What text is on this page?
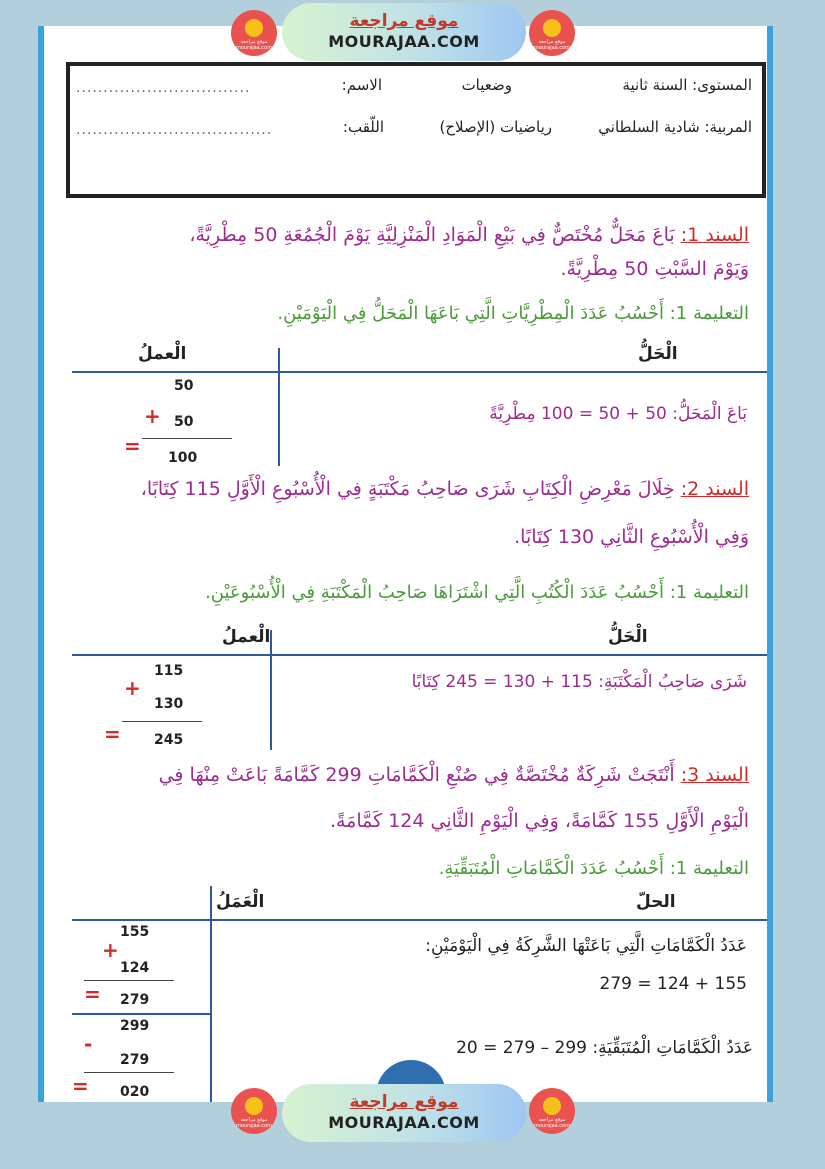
موقع مراجعة mourajaa.com
موقع مراجعة
MOURAJAA.COM	موقع مراجعة mourajaa.com
المستوى: السنة ثانية
وضعيات
الاسم:
................................
المربية: شادية السلطاني
رياضيات (الإصلاح)
اللّقب:
....................................
السند 1: بَاعَ مَحَلٌّ مُخْتَصٌّ فِي بَيْعِ الْمَوَادِ الْمَنْزِلِيَّةِ يَوْمَ الْجُمُعَةِ 50 مِطْرِيَّةً،
وَيَوْمَ السَّبْتِ 50 مِطْرِيَّةً.
التعليمة 1: أَحْسُبُ عَدَدَ الْمِطْرِيَّاتِ الَّتِي بَاعَهَا الْمَحَلُّ فِي الْيَوْمَيْنِ.
الْحَلُّ
الْعملُ
50
+ 50
= 100
بَاعَ الْمَحَلُّ: 50 + 50 = 100 مِطْرِيَّةً
السند 2: خِلَالَ مَعْرِضِ الْكِتَابِ شَرَى صَاحِبُ مَكْتَبَةٍ فِي الْأُسْبُوعِ الْأَوَّلِ 115 كِتَابًا،
وَفِي الْأُسْبُوعِ الثَّانِي 130 كِتَابًا.
التعليمة 1: أَحْسُبُ عَدَدَ الْكُتُبِ الَّتِي اشْتَرَاهَا صَاحِبُ الْمَكْتَبَةِ فِي الْأُسْبُوعَيْنِ.
الْحَلُّ
الْعملُ
115
+
130
= 245
شَرَى صَاحِبُ الْمَكْتَبَةِ: 115 + 130 = 245 كِتَابًا
السند 3: أَنْتَجَتْ شَرِكَةٌ مُخْتَصَّةٌ فِي صُنْعِ الْكَمَّامَاتِ 299 كَمَّامَةً بَاعَتْ مِنْهَا فِي
الْيَوْمِ الْأَوَّلِ 155 كَمَّامَةً، وَفِي الْيَوْمِ الثَّانِي 124 كَمَّامَةً.
التعليمة 1: أَحْسُبُ عَدَدَ الْكَمَّامَاتِ الْمُتَبَقِّيَةِ.
الحلّ
الْعَمَلُ
155
+
124
= 279
299
-
279
= 020
عَدَدُ الْكَمَّامَاتِ الَّتِي بَاعَتْهَا الشَّرِكَةُ فِي الْيَوْمَيْنِ:
279 = 124 + 155
عَدَدُ الْكَمَّامَاتِ الْمُتَبَقِّيَةِ: 299 – 279 = 20
موقع مراجعة mourajaa.com
موقع مراجعة
MOURAJAA.COM	موقع مراجعة mourajaa.com
